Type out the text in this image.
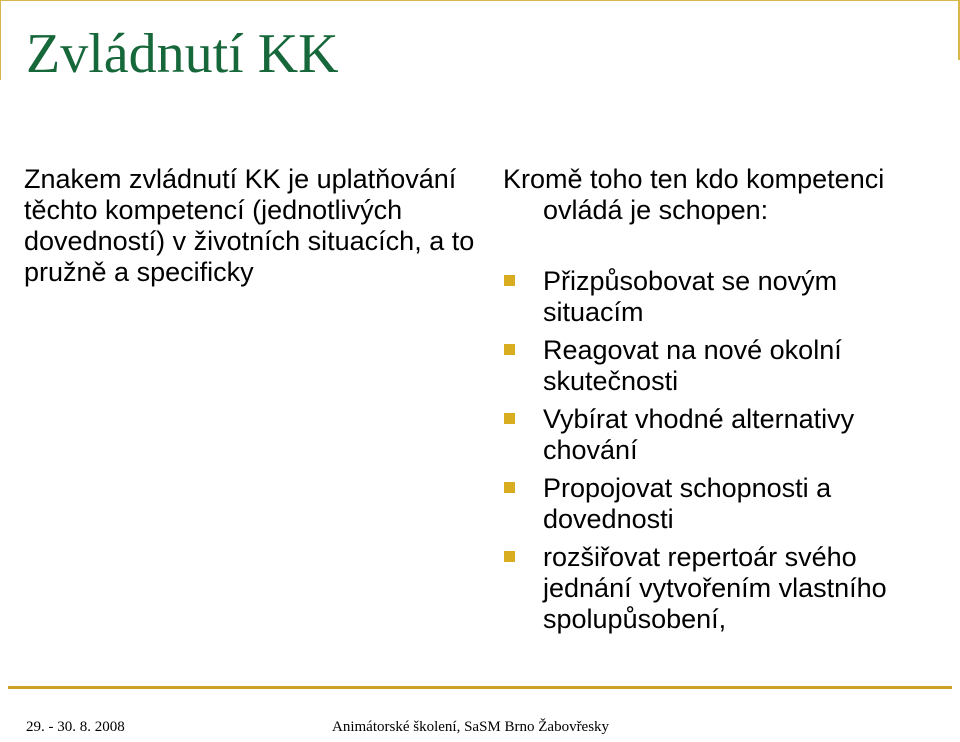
Zvládnutí KK
Znakem zvládnutí KK je uplatňování těchto kompetencí (jednotlivých dovedností) v životních situacích, a to pružně a specificky

Kromě toho ten kdo kompetenci ovládá je schopen:

Přizpůsobovat se novým situacím
Reagovat na nové okolní skutečnosti
Vybírat vhodné alternativy chování
Propojovat schopnosti a dovednosti
rozšiřovat repertoár svého jednání vytvořením vlastního spolupůsobení,
29. - 30. 8. 2008	Animátorské školení, SaSM Brno Žabovřesky
